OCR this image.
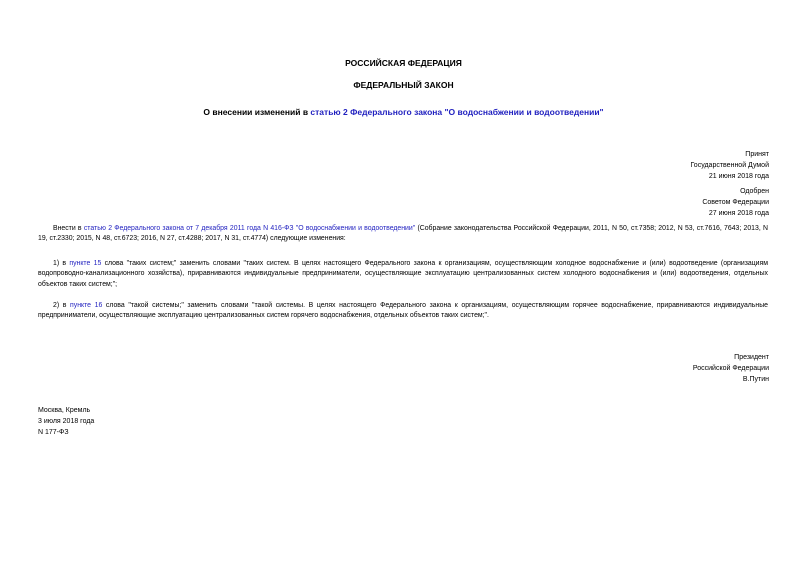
РОССИЙСКАЯ ФЕДЕРАЦИЯ
ФЕДЕРАЛЬНЫЙ ЗАКОН
О внесении изменений в статью 2 Федерального закона "О водоснабжении и водоотведении"
Принят
Государственной Думой
21 июня 2018 года
Одобрен
Советом Федерации
27 июня 2018 года
Внести в статью 2 Федерального закона от 7 декабря 2011 года N 416-ФЗ "О водоснабжении и водоотведении" (Собрание законодательства Российской Федерации, 2011, N 50, ст.7358; 2012, N 53, ст.7616, 7643; 2013, N 19, ст.2330; 2015, N 48, ст.6723; 2016, N 27, ст.4288; 2017, N 31, ст.4774) следующие изменения:
1) в пункте 15 слова "таких систем;" заменить словами "таких систем. В целях настоящего Федерального закона к организациям, осуществляющим холодное водоснабжение и (или) водоотведение (организациям водопроводно-канализационного хозяйства), приравниваются индивидуальные предприниматели, осуществляющие эксплуатацию централизованных систем холодного водоснабжения и (или) водоотведения, отдельных объектов таких систем;";
2) в пункте 16 слова "такой системы;" заменить словами "такой системы. В целях настоящего Федерального закона к организациям, осуществляющим горячее водоснабжение, приравниваются индивидуальные предприниматели, осуществляющие эксплуатацию централизованных систем горячего водоснабжения, отдельных объектов таких систем;".
Президент
Российской Федерации
В.Путин
Москва, Кремль
3 июля 2018 года
N 177-ФЗ
